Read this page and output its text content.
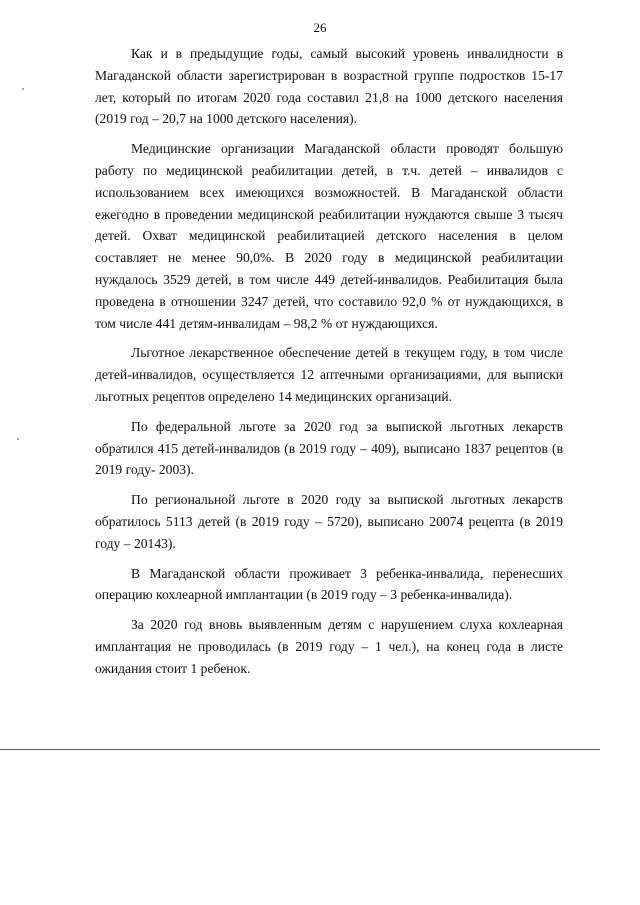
26

Как и в предыдущие годы, самый высокий уровень инвалидности в Магаданской области зарегистрирован в возрастной группе подростков 15-17 лет, который по итогам 2020 года составил 21,8 на 1000 детского населения (2019 год – 20,7 на 1000 детского населения).

Медицинские организации Магаданской области проводят большую работу по медицинской реабилитации детей, в т.ч. детей – инвалидов с использованием всех имеющихся возможностей. В Магаданской области ежегодно в проведении медицинской реабилитации нуждаются свыше 3 тысяч детей. Охват медицинской реабилитацией детского населения в целом составляет не менее 90,0%. В 2020 году в медицинской реабилитации нуждалось 3529 детей, в том числе 449 детей-инвалидов. Реабилитация была проведена в отношении 3247 детей, что составило 92,0 % от нуждающихся, в том числе 441 детям-инвалидам – 98,2 % от нуждающихся.

Льготное лекарственное обеспечение детей в текущем году, в том числе детей-инвалидов, осуществляется 12 аптечными организациями, для выписки льготных рецептов определено 14 медицинских организаций.

По федеральной льготе за 2020 год за выпиской льготных лекарств обратился 415 детей-инвалидов (в 2019 году – 409), выписано 1837 рецептов (в 2019 году- 2003).

По региональной льготе в 2020 году за выпиской льготных лекарств обратилось 5113 детей (в 2019 году – 5720), выписано 20074 рецепта (в 2019 году – 20143).

В Магаданской области проживает 3 ребенка-инвалида, перенесших операцию кохлеарной имплантации (в 2019 году – 3 ребенка-инвалида).

За 2020 год вновь выявленным детям с нарушением слуха кохлеарная имплантация не проводилась (в 2019 году – 1 чел.), на конец года в листе ожидания стоит 1 ребенок.
